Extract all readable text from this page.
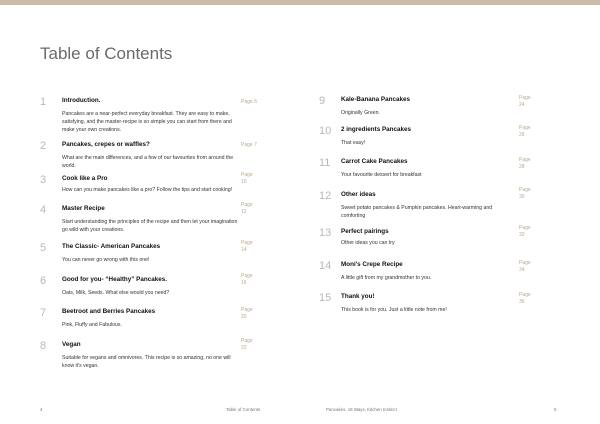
Table of Contents
1	Introduction.
Pancakes are a near-perfect everyday breakfast. They are easy to make, satisfying, and the master-recipe is so simple you can start from there and make your own creations.
Page 6
2	Pancakes, crepes or waffles?
What are the main differences, and a few of our favourites from around the world.
Page 7
3	Cook like a Pro
How can you make pancakes like a pro? Follow the tips and start cooking!
Page 10
4	Master Recipe
Start understanding the principles of the recipe and then let your imagination go wild with your creations.
Page 12
5	The Classic- American Pancakes
You can never go wrong with this one!
Page 14
6	Good for you- “Healthy” Pancakes.
Oats, Milk, Seeds. What else would you need?
Page 16
7	Beetroot and Berries Pancakes
Pink, Fluffy and Fabulous.
Page 20
8	Vegan
Suitable for vegans and omnivores. This recipe is so amazing, no one will know it's vegan.
Page 22
9	Kale-Banana Pancakes
Originally Green.
Page 24
10 2 ingredients Pancakes
That easy!
Page 26
11 Carrot Cake Pancakes
Your favourite dessert for breakfast
Page 28
12 Other ideas
Sweet potato pancakes & Pumpkin pancakes. Heart-warming and comforting
Page 30
13 Perfect pairings
Other ideas you can try
Page 32
14 Moni's Crepe Recipe
A little gift from my grandmother to you.
Page 34
15 Thank you!
This book is for you. Just a little note from me!
Page 36
4	Table of Contents	Pancakes. 19 Ways. Kitchen Instinct	5
